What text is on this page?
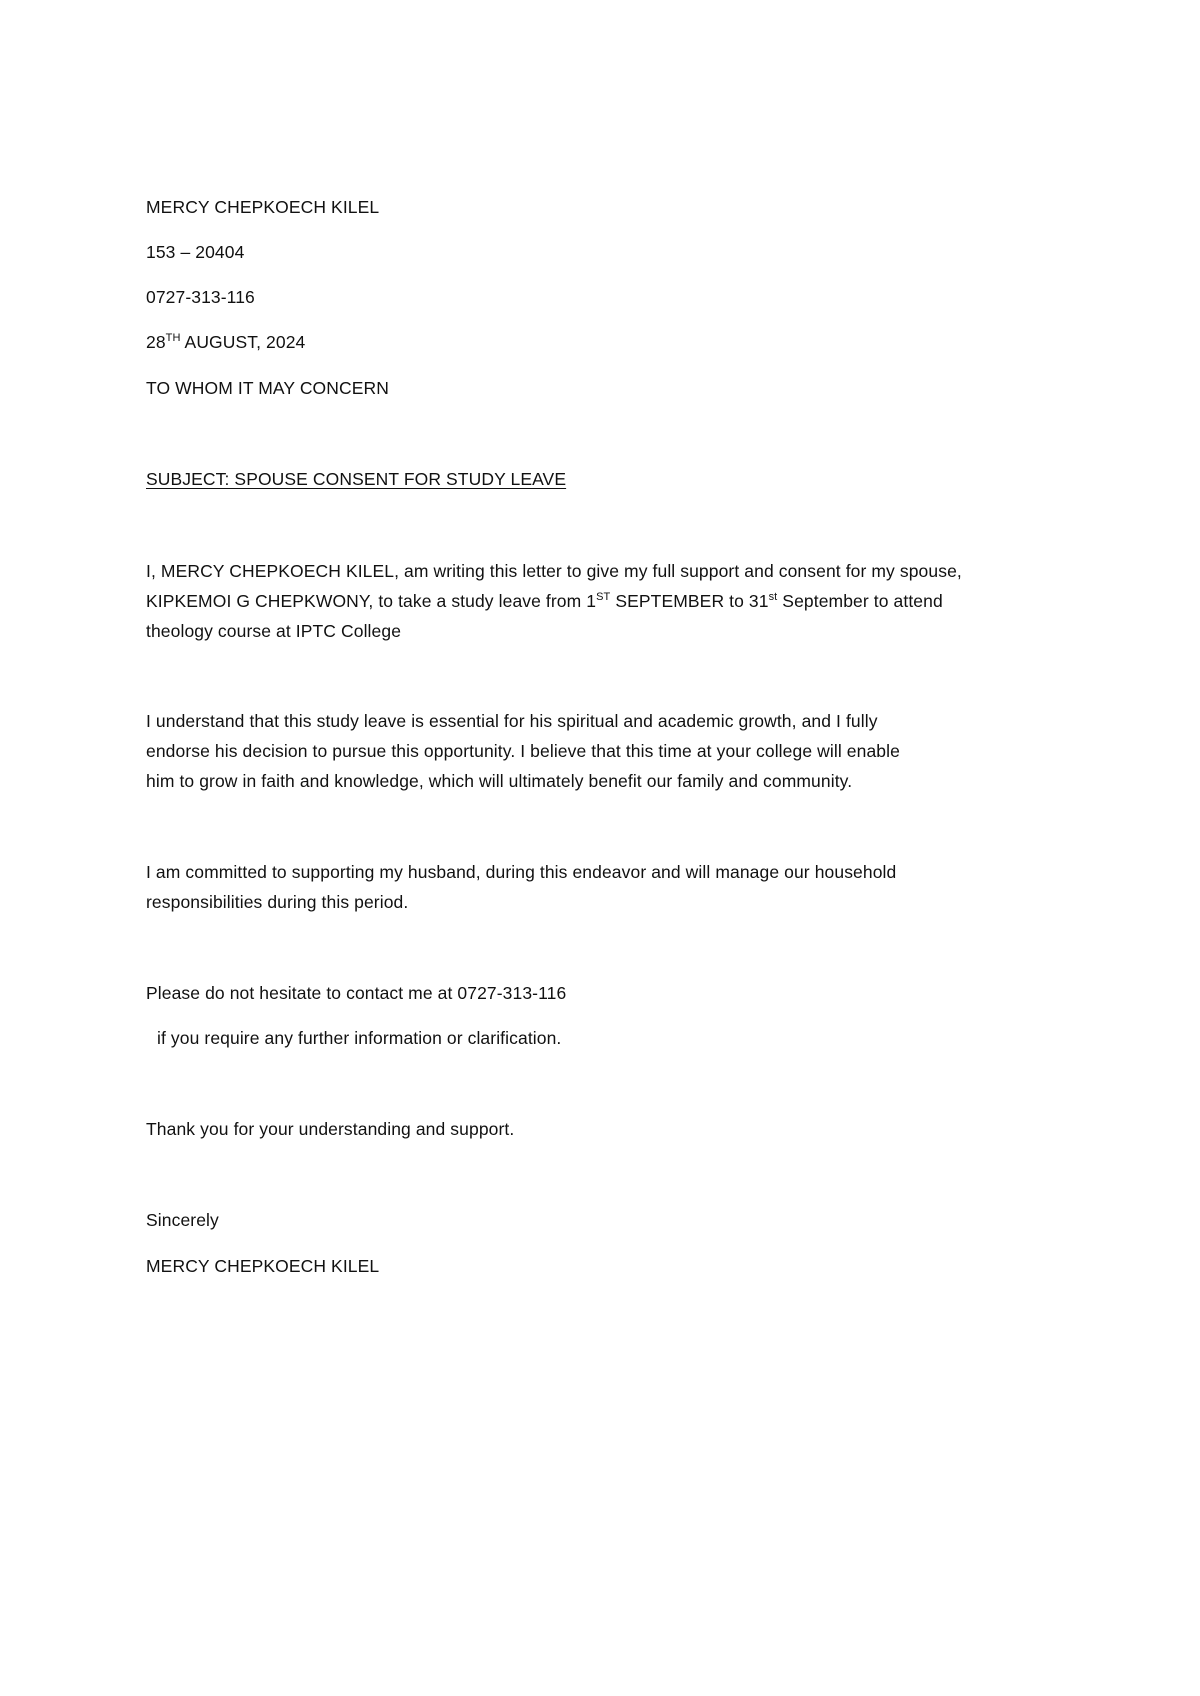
MERCY CHEPKOECH KILEL
153 – 20404
0727-313-116
28TH AUGUST, 2024
TO WHOM IT MAY CONCERN
SUBJECT: SPOUSE CONSENT FOR STUDY LEAVE
I, MERCY CHEPKOECH KILEL, am writing this letter to give my full support and consent for my spouse,
KIPKEMOI G CHEPKWONY, to take a study leave from 1ST SEPTEMBER to 31st September to attend
theology course at IPTC College
I understand that this study leave is essential for his spiritual and academic growth, and I fully
endorse his decision to pursue this opportunity. I believe that this time at your college will enable
him to grow in faith and knowledge, which will ultimately benefit our family and community.
I am committed to supporting my husband, during this endeavor and will manage our household
responsibilities during this period.
Please do not hesitate to contact me at 0727-313-116
if you require any further information or clarification.
Thank you for your understanding and support.
Sincerely
MERCY CHEPKOECH KILEL
